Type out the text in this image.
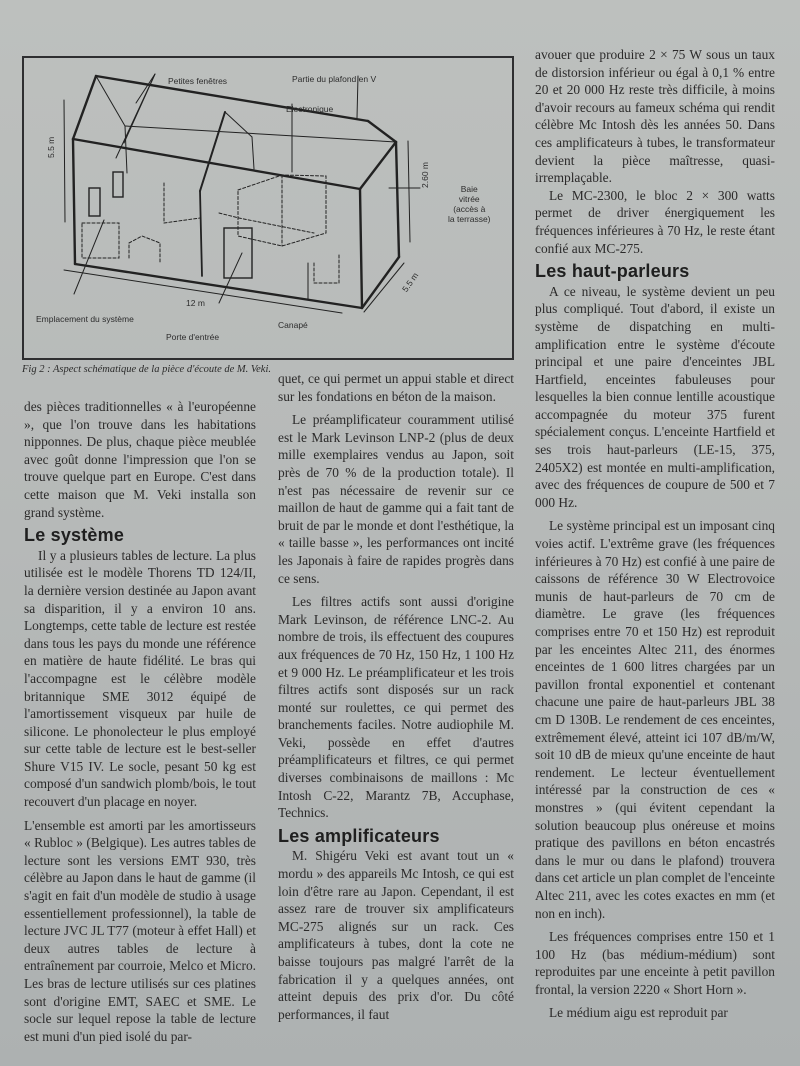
Petites fenêtres	Partie du plafond en V
Electronique
5.5 m
2.60 m
Baie
vitrée
(accès à
la terrasse)
12 m
5.5 m
Emplacement du système
Canapé
Porte d'entrée
Fig 2 : Aspect schématique de la pièce d'écoute de M. Veki.

des pièces traditionnelles « à l'européenne », que l'on trouve dans les habitations nipponnes. De plus, chaque pièce meublée avec goût donne l'impression que l'on se trouve quelque part en Europe. C'est dans cette maison que M. Veki installa son grand système.

Le système

Il y a plusieurs tables de lecture. La plus utilisée est le modèle Thorens TD 124/II, la dernière version destinée au Japon avant sa disparition, il y a environ 10 ans. Longtemps, cette table de lecture est restée dans tous les pays du monde une référence en matière de haute fidélité. Le bras qui l'accompagne est le célèbre modèle britannique SME 3012 équipé de l'amortissement visqueux par huile de silicone. Le phonolecteur le plus employé sur cette table de lecture est le best-seller Shure V15 IV. Le socle, pesant 50 kg est composé d'un sandwich plomb/bois, le tout recouvert d'un placage en noyer.

L'ensemble est amorti par les amortisseurs « Rubloc » (Belgique). Les autres tables de lecture sont les versions EMT 930, très célèbre au Japon dans le haut de gamme (il s'agit en fait d'un modèle de studio à usage essentiellement professionnel), la table de lecture JVC JL T77 (moteur à effet Hall) et deux autres tables de lecture à entraînement par courroie, Melco et Micro. Les bras de lecture utilisés sur ces platines sont d'origine EMT, SAEC et SME. Le socle sur lequel repose la table de lecture est muni d'un pied isolé du par-

quet, ce qui permet un appui stable et direct sur les fondations en béton de la maison.

Le préamplificateur couramment utilisé est le Mark Levinson LNP-2 (plus de deux mille exemplaires vendus au Japon, soit près de 70 % de la production totale). Il n'est pas nécessaire de revenir sur ce maillon de haut de gamme qui a fait tant de bruit de par le monde et dont l'esthétique, la « taille basse », les performances ont incité les Japonais à faire de rapides progrès dans ce sens.

Les filtres actifs sont aussi d'origine Mark Levinson, de référence LNC-2. Au nombre de trois, ils effectuent des coupures aux fréquences de 70 Hz, 150 Hz, 1 100 Hz et 9 000 Hz. Le préamplificateur et les trois filtres actifs sont disposés sur un rack monté sur roulettes, ce qui permet des branchements faciles. Notre audiophile M. Veki, possède en effet d'autres préamplificateurs et filtres, ce qui permet diverses combinaisons de maillons : Mc Intosh C-22, Marantz 7B, Accuphase, Technics.

Les amplificateurs

M. Shigéru Veki est avant tout un « mordu » des appareils Mc Intosh, ce qui est loin d'être rare au Japon. Cependant, il est assez rare de trouver six amplificateurs MC-275 alignés sur un rack. Ces amplificateurs à tubes, dont la cote ne baisse toujours pas malgré l'arrêt de la fabrication il y a quelques années, ont atteint depuis des prix d'or. Du côté performances, il faut

avouer que produire 2 × 75 W sous un taux de distorsion inférieur ou égal à 0,1 % entre 20 et 20 000 Hz reste très difficile, à moins d'avoir recours au fameux schéma qui rendit célèbre Mc Intosh dès les années 50. Dans ces amplificateurs à tubes, le transformateur devient la pièce maîtresse, quasi-irremplaçable.

Le MC-2300, le bloc 2 × 300 watts permet de driver énergiquement les fréquences inférieures à 70 Hz, le reste étant confié aux MC-275.

Les haut-parleurs

A ce niveau, le système devient un peu plus compliqué. Tout d'abord, il existe un système de dispatching en multi-amplification entre le système d'écoute principal et une paire d'enceintes JBL Hartfield, enceintes fabuleuses pour lesquelles la bien connue lentille acoustique accompagnée du moteur 375 furent spécialement conçus. L'enceinte Hartfield et ses trois haut-parleurs (LE-15, 375, 2405X2) est montée en multi-amplification, avec des fréquences de coupure de 500 et 7 000 Hz.

Le système principal est un imposant cinq voies actif. L'extrême grave (les fréquences inférieures à 70 Hz) est confié à une paire de caissons de référence 30 W Electrovoice munis de haut-parleurs de 70 cm de diamètre. Le grave (les fréquences comprises entre 70 et 150 Hz) est reproduit par les enceintes Altec 211, des énormes enceintes de 1 600 litres chargées par un pavillon frontal exponentiel et contenant chacune une paire de haut-parleurs JBL 38 cm D 130B. Le rendement de ces enceintes, extrêmement élevé, atteint ici 107 dB/m/W, soit 10 dB de mieux qu'une enceinte de haut rendement. Le lecteur éventuellement intéressé par la construction de ces « monstres » (qui évitent cependant la solution beaucoup plus onéreuse et moins pratique des pavillons en béton encastrés dans le mur ou dans le plafond) trouvera dans cet article un plan complet de l'enceinte Altec 211, avec les cotes exactes en mm (et non en inch).

Les fréquences comprises entre 150 et 1 100 Hz (bas médium-médium) sont reproduites par une enceinte à petit pavillon frontal, la version 2220 « Short Horn ».

Le médium aigu est reproduit par
